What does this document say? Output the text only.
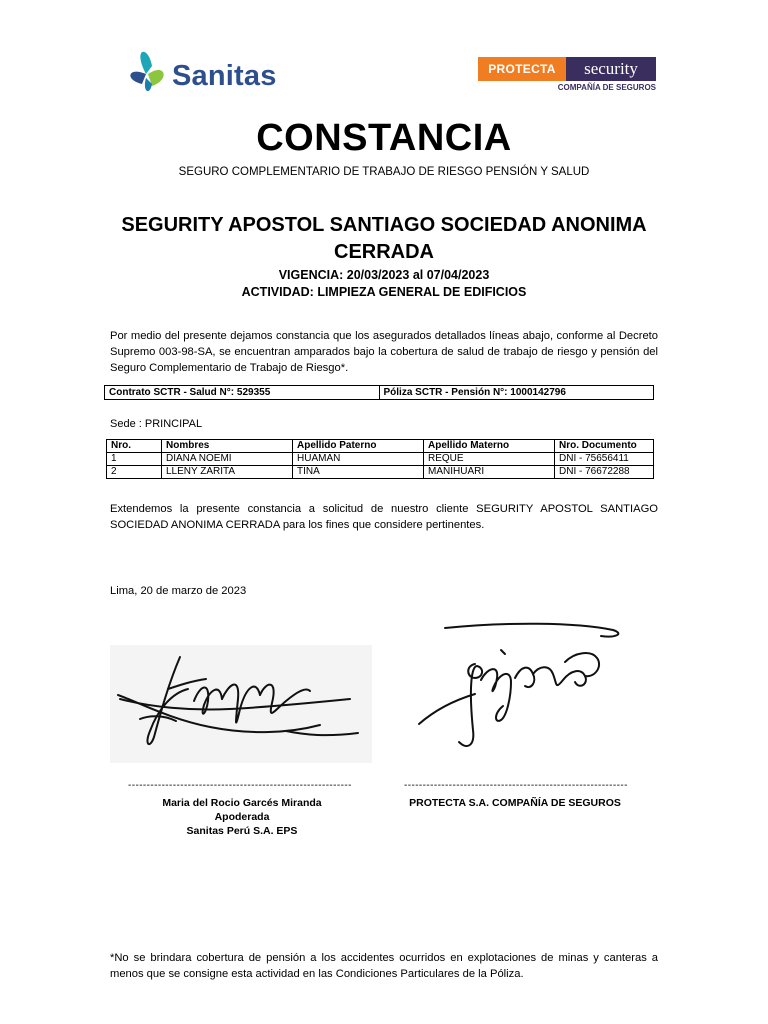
Sanitas	PROTECTA	security
COMPAÑÍA DE SEGUROS
CONSTANCIA
SEGURO COMPLEMENTARIO DE TRABAJO DE RIESGO PENSIÓN Y SALUD
SEGURITY APOSTOL SANTIAGO SOCIEDAD ANONIMA CERRADA
VIGENCIA: 20/03/2023 al 07/04/2023
ACTIVIDAD: LIMPIEZA GENERAL DE EDIFICIOS
Por medio del presente dejamos constancia que los asegurados detallados líneas abajo, conforme al Decreto Supremo 003-98-SA, se encuentran amparados bajo la cobertura de salud de trabajo de riesgo y pensión del Seguro Complementario de Trabajo de Riesgo*.
Contrato SCTR - Salud N°: 529355	Póliza SCTR - Pensión N°: 1000142796
Sede : PRINCIPAL
Nro.	Nombres	Apellido Paterno	Apellido Materno	Nro. Documento
1	DIANA NOEMI	HUAMAN	REQUE	DNI - 75656411
2	LLENY ZARITA	TINA	MANIHUARI	DNI - 76672288
Extendemos la presente constancia a solicitud de nuestro cliente SEGURITY APOSTOL SANTIAGO SOCIEDAD ANONIMA CERRADA para los fines que considere pertinentes.
Lima, 20 de marzo de 2023
------------------------------------------------------------	------------------------------------------------------------
Maria del Rocio Garcés Miranda
Apoderada
Sanitas Perú S.A. EPS
PROTECTA S.A. COMPAÑÍA DE SEGUROS
*No se brindara cobertura de pensión a los accidentes ocurridos en explotaciones de minas y canteras a menos que se consigne esta actividad en las Condiciones Particulares de la Póliza.
